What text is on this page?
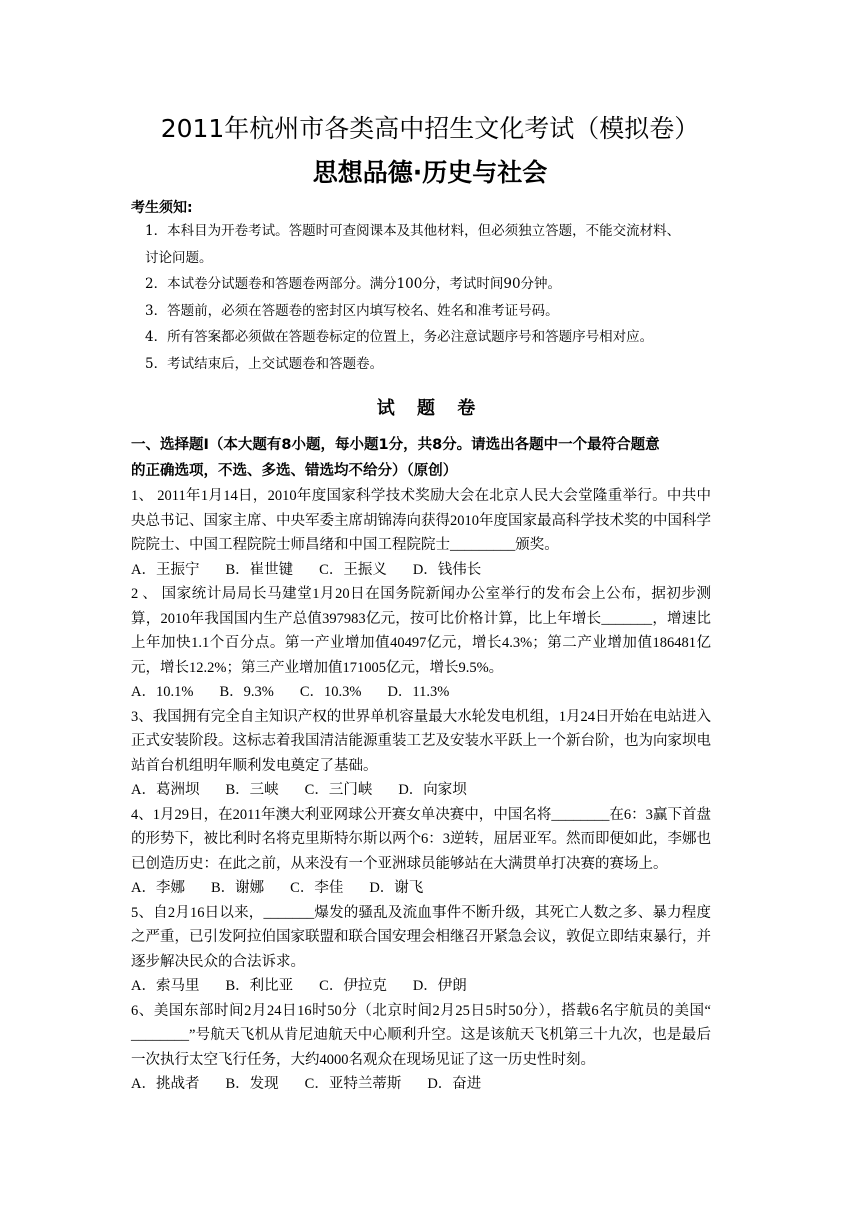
2011年杭州市各类高中招生文化考试（模拟卷）
思想品德·历史与社会
考生须知:
1．本科目为开卷考试。答题时可查阅课本及其他材料，但必须独立答题，不能交流材料、
讨论问题。
2．本试卷分试题卷和答题卷两部分。满分100分，考试时间90分钟。
3．答题前，必须在答题卷的密封区内填写校名、姓名和准考证号码。
4．所有答案都必须做在答题卷标定的位置上，务必注意试题序号和答题序号相对应。
5．考试结束后，上交试题卷和答题卷。
试 题 卷
一、选择题Ⅰ（本大题有8小题，每小题1分，共8分。请选出各题中一个最符合题意
的正确选项，不选、多选、错选均不给分）（原创）
1、 2011年1月14日，2010年度国家科学技术奖励大会在北京人民大会堂隆重举行。中共中央总书记、国家主席、中央军委主席胡锦涛向获得2010年度国家最高科学技术奖的中国科学院院士、中国工程院院士师昌绪和中国工程院院士_________颁奖。
A．王振宁 B．崔世键 C．王振义 D．钱伟长
2 、 国家统计局局长马建堂1月20日在国务院新闻办公室举行的发布会上公布，据初步测算，2010年我国国内生产总值397983亿元，按可比价格计算，比上年增长_______，增速比上年加快1.1个百分点。第一产业增加值40497亿元，增长4.3%；第二产业增加值186481亿元，增长12.2%；第三产业增加值171005亿元，增长9.5%。
A．10.1% B．9.3% C．10.3% D．11.3%
3、我国拥有完全自主知识产权的世界单机容量最大水轮发电机组，1月24日开始在电站进入正式安装阶段。这标志着我国清洁能源重装工艺及安装水平跃上一个新台阶，也为向家坝电站首台机组明年顺利发电奠定了基础。
A．葛洲坝 B．三峡 C．三门峡 D．向家坝
4、1月29日，在2011年澳大利亚网球公开赛女单决赛中，中国名将________在6：3赢下首盘的形势下，被比利时名将克里斯特尔斯以两个6：3逆转，屈居亚军。然而即便如此，李娜也已创造历史：在此之前，从来没有一个亚洲球员能够站在大满贯单打决赛的赛场上。
A．李娜 B．谢娜 C．李佳 D．谢飞
5、自2月16日以来，_______爆发的骚乱及流血事件不断升级，其死亡人数之多、暴力程度之严重，已引发阿拉伯国家联盟和联合国安理会相继召开紧急会议，敦促立即结束暴行，并逐步解决民众的合法诉求。
A．索马里 B．利比亚 C．伊拉克 D．伊朗
6、美国东部时间2月24日16时50分（北京时间2月25日5时50分），搭载6名宇航员的美国“ ________”号航天飞机从肯尼迪航天中心顺利升空。这是该航天飞机第三十九次，也是最后一次执行太空飞行任务，大约4000名观众在现场见证了这一历史性时刻。
A．挑战者 B．发现 C．亚特兰蒂斯 D．奋进
